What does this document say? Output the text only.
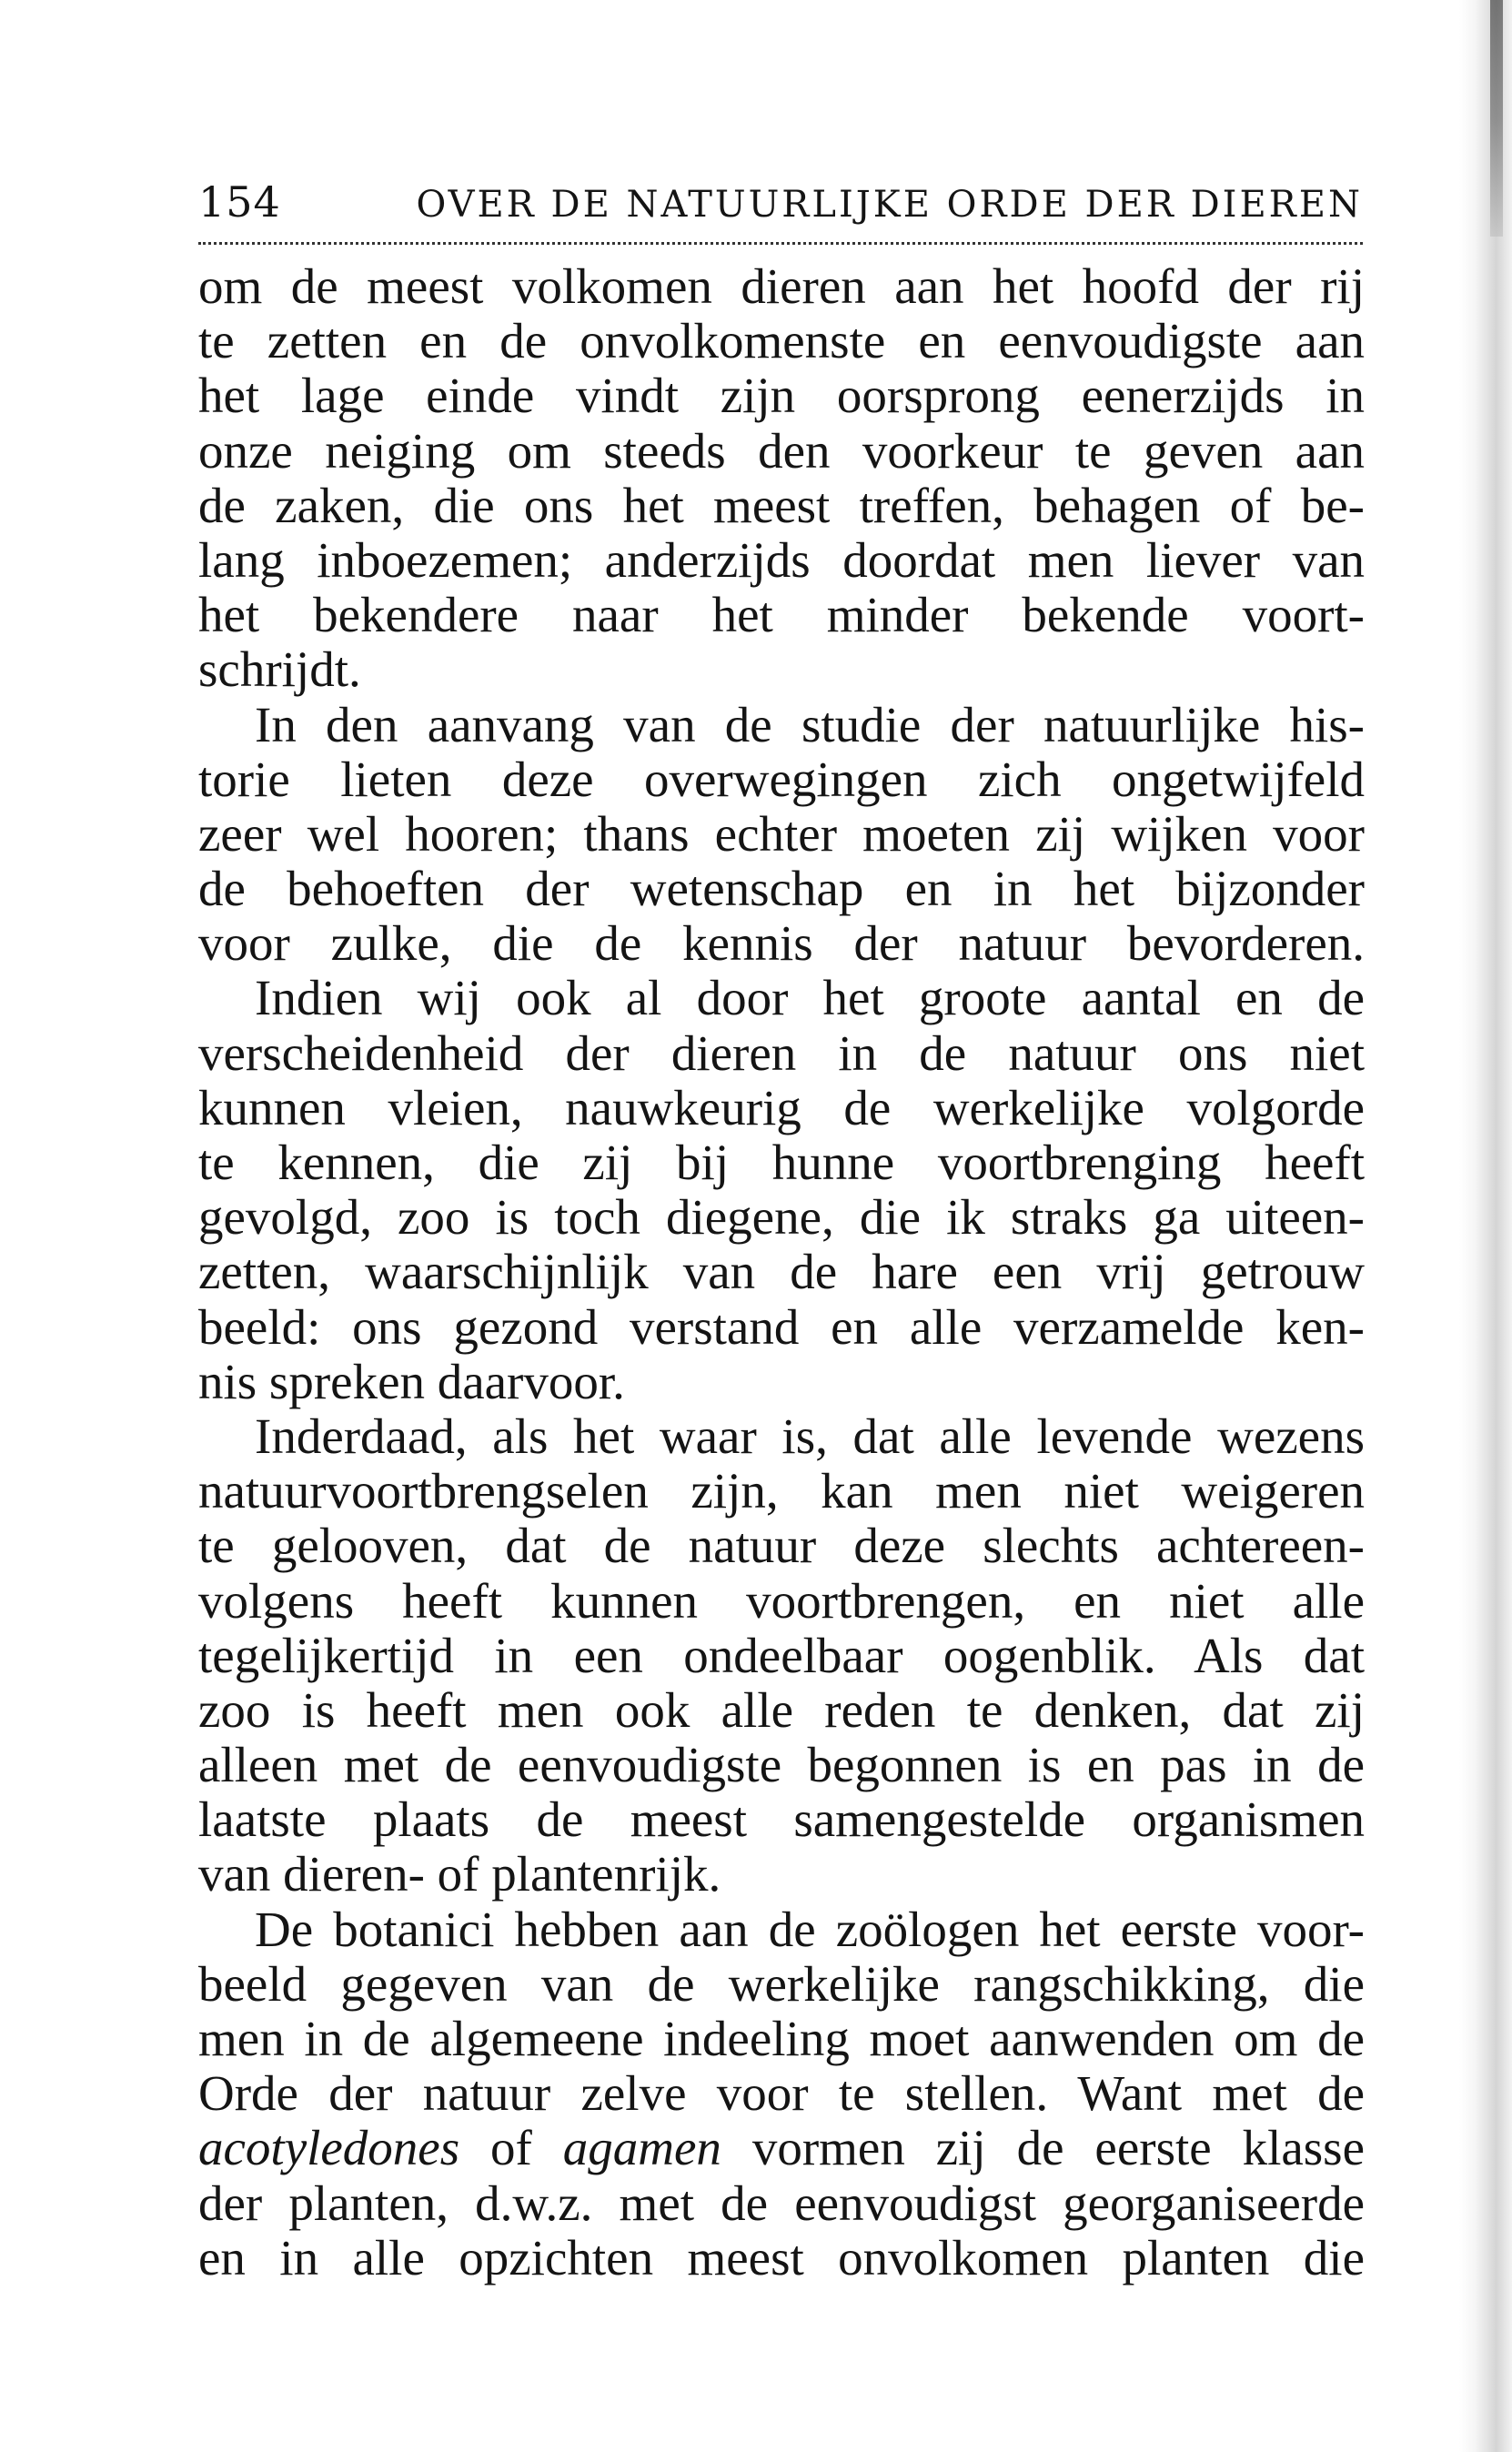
154	OVER DE NATUURLIJKE ORDE DER DIEREN
om de meest volkomen dieren aan het hoofd der rij
te zetten en de onvolkomenste en eenvoudigste aan
het lage einde vindt zijn oorsprong eenerzijds in
onze neiging om steeds den voorkeur te geven aan
de zaken, die ons het meest treffen, behagen of be-
lang inboezemen; anderzijds doordat men liever van
het bekendere naar het minder bekende voort-
schrijdt.
In den aanvang van de studie der natuurlijke his-
torie lieten deze overwegingen zich ongetwijfeld
zeer wel hooren; thans echter moeten zij wijken voor
de behoeften der wetenschap en in het bijzonder
voor zulke, die de kennis der natuur bevorderen.
Indien wij ook al door het groote aantal en de
verscheidenheid der dieren in de natuur ons niet
kunnen vleien, nauwkeurig de werkelijke volgorde
te kennen, die zij bij hunne voortbrenging heeft
gevolgd, zoo is toch diegene, die ik straks ga uiteen-
zetten, waarschijnlijk van de hare een vrij getrouw
beeld: ons gezond verstand en alle verzamelde ken-
nis spreken daarvoor.
Inderdaad, als het waar is, dat alle levende wezens
natuurvoortbrengselen zijn, kan men niet weigeren
te gelooven, dat de natuur deze slechts achtereen-
volgens heeft kunnen voortbrengen, en niet alle
tegelijkertijd in een ondeelbaar oogenblik. Als dat
zoo is heeft men ook alle reden te denken, dat zij
alleen met de eenvoudigste begonnen is en pas in de
laatste plaats de meest samengestelde organismen
van dieren- of plantenrijk.
De botanici hebben aan de zoölogen het eerste voor-
beeld gegeven van de werkelijke rangschikking, die
men in de algemeene indeeling moet aanwenden om de
Orde der natuur zelve voor te stellen. Want met de
acotyledones of agamen vormen zij de eerste klasse
der planten, d.w.z. met de eenvoudigst georganiseerde
en in alle opzichten meest onvolkomen planten die
